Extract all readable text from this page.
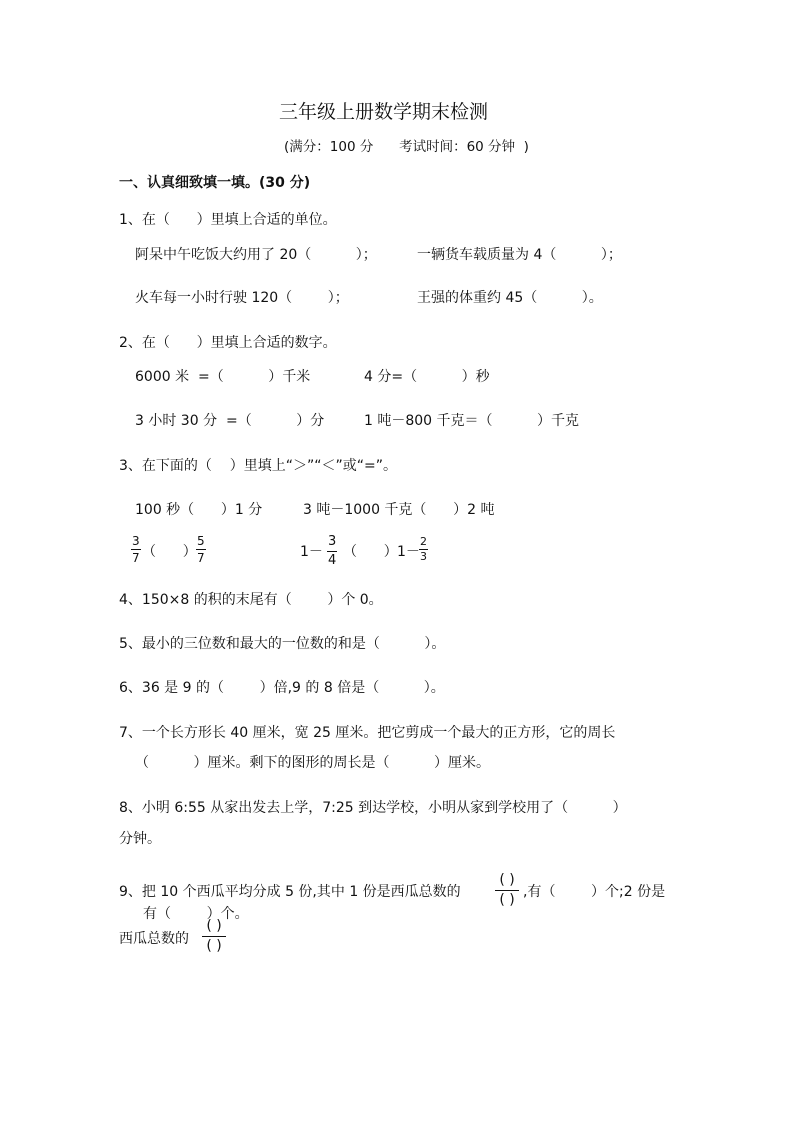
三年级上册数学期末检测
(满分：100 分      考试时间：60 分钟  )
一、认真细致填一填。(30 分)
1、在（      ）里填上合适的单位。
阿呆中午吃饭大约用了 20（          ）；	一辆货车载质量为 4（          ）；
火车每一小时行驶 120（        ）；	王强的体重约 45（          ）。
2、在（      ）里填上合适的数字。
6000 米  =（          ）千米	4 分=（          ）秒
3 小时 30 分  =（          ）分	1 吨－800 千克＝（          ）千克
3、在下面的（    ）里填上“＞”“＜”或“=”。
100 秒（      ）1 分	3 吨－1000 千克（      ）2 吨
3
7 （      ）
5
7	1－
3
4
（      ） 1－
2
3
4、150×8 的积的末尾有（        ）个 0。
5、最小的三位数和最大的一位数的和是（          ）。
6、36 是 9 的（        ）倍,9 的 8 倍是（          ）。
7、一个长方形长 40 厘米，宽 25 厘米。把它剪成一个最大的正方形，它的周长
（          ）厘米。剩下的图形的周长是（          ）厘米。
8、小明 6:55 从家出发去上学，7:25 到达学校，小明从家到学校用了（          ）
分钟。
9、把 10 个西瓜平均分成 5 份,其中 1 份是西瓜总数的
( )
( ) ,有（        ）个;2 份是
有（        ）个。
西瓜总数的
( )
( )
